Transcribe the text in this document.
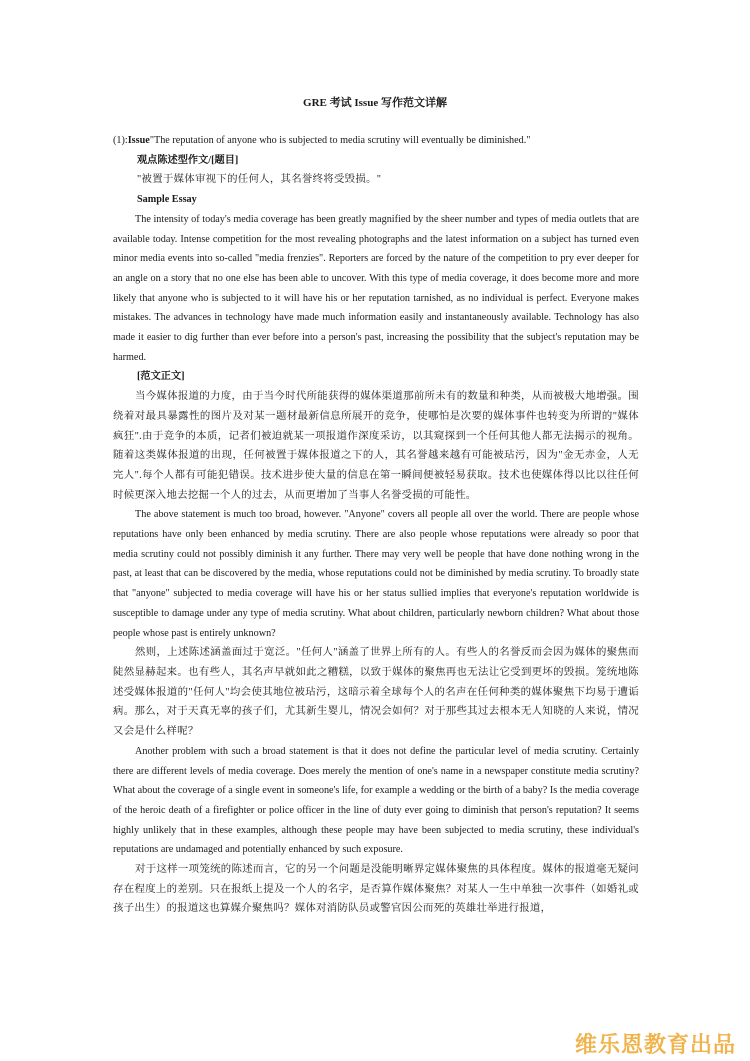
GRE 考试 Issue 写作范文详解

(1):Issue"The reputation of anyone who is subjected to media scrutiny will eventually be diminished."

观点陈述型作文/[题目]

"被置于媒体审视下的任何人，其名誉终将受毁损。"

Sample Essay

The intensity of today's media coverage has been greatly magnified by the sheer number and types of media outlets that are available today. Intense competition for the most revealing photographs and the latest information on a subject has turned even minor media events into so-called "media frenzies". Reporters are forced by the nature of the competition to pry ever deeper for an angle on a story that no one else has been able to uncover. With this type of media coverage, it does become more and more likely that anyone who is subjected to it will have his or her reputation tarnished, as no individual is perfect. Everyone makes mistakes. The advances in technology have made much information easily and instantaneously available. Technology has also made it easier to dig further than ever before into a person's past, increasing the possibility that the subject's reputation may be harmed.

[范文正文]

当今媒体报道的力度，由于当今时代所能获得的媒体渠道那前所未有的数量和种类，从而被极大地增强。围绕着对最具暴露性的图片及对某一题材最新信息所展开的竞争，使哪怕是次要的媒体事件也转变为所谓的"媒体疯狂".由于竞争的本质，记者们被迫就某一项报道作深度采访，以其窥探到一个任何其他人都无法揭示的视角。随着这类媒体报道的出现，任何被置于媒体报道之下的人，其名誉越来越有可能被玷污，因为"金无赤金，人无完人".每个人都有可能犯错误。技术进步使大量的信息在第一瞬间便被轻易获取。技术也使媒体得以比以往任何时候更深入地去挖掘一个人的过去，从而更增加了当事人名誉受损的可能性。

The above statement is much too broad, however. "Anyone" covers all people all over the world. There are people whose reputations have only been enhanced by media scrutiny. There are also people whose reputations were already so poor that media scrutiny could not possibly diminish it any further. There may very well be people that have done nothing wrong in the past, at least that can be discovered by the media, whose reputations could not be diminished by media scrutiny. To broadly state that "anyone" subjected to media coverage will have his or her status sullied implies that everyone's reputation worldwide is susceptible to damage under any type of media scrutiny. What about children, particularly newborn children? What about those people whose past is entirely unknown?

然则，上述陈述涵盖面过于宽泛。"任何人"涵盖了世界上所有的人。有些人的名誉反而会因为媒体的聚焦而陡然显赫起来。也有些人，其名声早就如此之糟糕，以致于媒体的聚焦再也无法让它受到更坏的毁损。笼统地陈述受媒体报道的"任何人"均会使其地位被玷污，这暗示着全球每个人的名声在任何种类的媒体聚焦下均易于遭诟病。那么，对于天真无辜的孩子们，尤其新生婴儿，情况会如何？对于那些其过去根本无人知晓的人来说，情况又会是什么样呢？

Another problem with such a broad statement is that it does not define the particular level of media scrutiny. Certainly there are different levels of media coverage. Does merely the mention of one's name in a newspaper constitute media scrutiny? What about the coverage of a single event in someone's life, for example a wedding or the birth of a baby? Is the media coverage of the heroic death of a firefighter or police officer in the line of duty ever going to diminish that person's reputation? It seems highly unlikely that in these examples, although these people may have been subjected to media scrutiny, these individual's reputations are undamaged and potentially enhanced by such exposure.

对于这样一项笼统的陈述而言，它的另一个问题是没能明晰界定媒体聚焦的具体程度。媒体的报道毫无疑问存在程度上的差别。只在报纸上提及一个人的名字，是否算作媒体聚焦？对某人一生中单独一次事件（如婚礼或孩子出生）的报道这也算媒介聚焦吗？媒体对消防队员或警官因公而死的英雄壮举进行报道，

维乐恩教育出品
